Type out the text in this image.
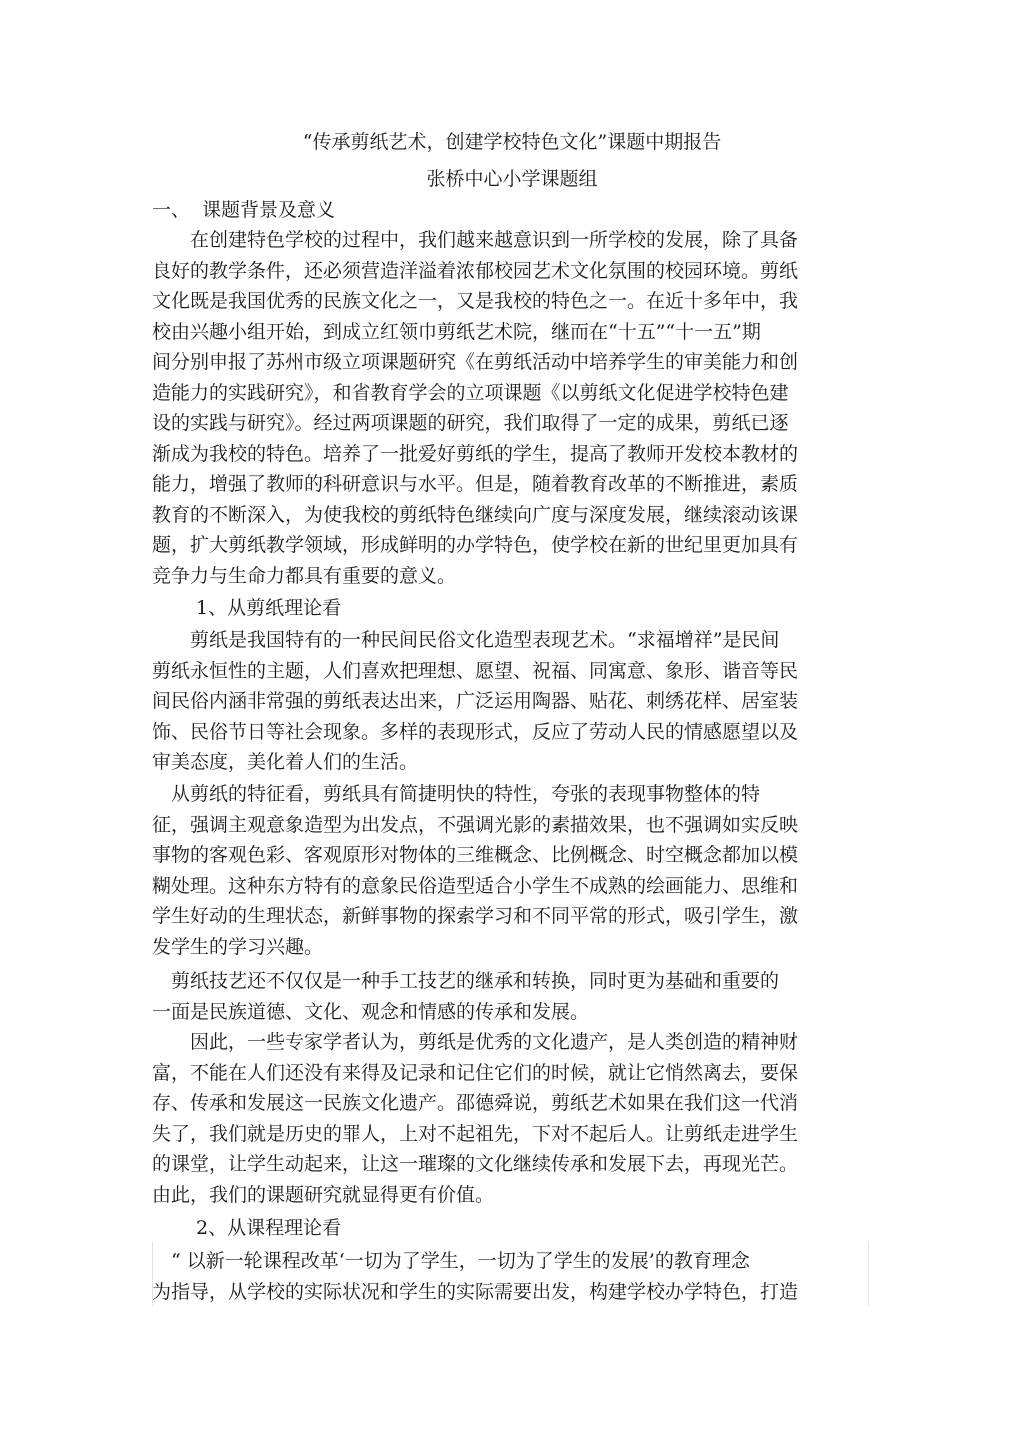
“传承剪纸艺术，创建学校特色文化”课题中期报告
张桥中心小学课题组
一、 课题背景及意义
　　在创建特色学校的过程中，我们越来越意识到一所学校的发展，除了具备
良好的教学条件，还必须营造洋溢着浓郁校园艺术文化氛围的校园环境。剪纸
文化既是我国优秀的民族文化之一，又是我校的特色之一。在近十多年中，我
校由兴趣小组开始，到成立红领巾剪纸艺术院，继而在“十五”“十一五”期
间分别申报了苏州市级立项课题研究《在剪纸活动中培养学生的审美能力和创
造能力的实践研究》，和省教育学会的立项课题《以剪纸文化促进学校特色建
设的实践与研究》。经过两项课题的研究，我们取得了一定的成果，剪纸已逐
渐成为我校的特色。培养了一批爱好剪纸的学生，提高了教师开发校本教材的
能力，增强了教师的科研意识与水平。但是，随着教育改革的不断推进，素质
教育的不断深入，为使我校的剪纸特色继续向广度与深度发展，继续滚动该课
题，扩大剪纸教学领域，形成鲜明的办学特色，使学校在新的世纪里更加具有
竞争力与生命力都具有重要的意义。
1、从剪纸理论看
　　剪纸是我国特有的一种民间民俗文化造型表现艺术。“求福增祥”是民间
剪纸永恒性的主题，人们喜欢把理想、愿望、祝福、同寓意、象形、谐音等民
间民俗内涵非常强的剪纸表达出来，广泛运用陶器、贴花、刺绣花样、居室装
饰、民俗节日等社会现象。多样的表现形式，反应了劳动人民的情感愿望以及
审美态度，美化着人们的生活。
　从剪纸的特征看，剪纸具有简捷明快的特性，夸张的表现事物整体的特
征，强调主观意象造型为出发点，不强调光影的素描效果，也不强调如实反映
事物的客观色彩、客观原形对物体的三维概念、比例概念、时空概念都加以模
糊处理。这种东方特有的意象民俗造型适合小学生不成熟的绘画能力、思维和
学生好动的生理状态，新鲜事物的探索学习和不同平常的形式，吸引学生，激
发学生的学习兴趣。
　剪纸技艺还不仅仅是一种手工技艺的继承和转换，同时更为基础和重要的
一面是民族道德、文化、观念和情感的传承和发展。
　　因此，一些专家学者认为，剪纸是优秀的文化遗产，是人类创造的精神财
富，不能在人们还没有来得及记录和记住它们的时候，就让它悄然离去，要保
存、传承和发展这一民族文化遗产。邵德舜说，剪纸艺术如果在我们这一代消
失了，我们就是历史的罪人，上对不起祖先，下对不起后人。让剪纸走进学生
的课堂，让学生动起来，让这一璀璨的文化继续传承和发展下去，再现光芒。
由此，我们的课题研究就显得更有价值。
2、从课程理论看
　“ 以新一轮课程改革‘一切为了学生，一切为了学生的发展’的教育理念
为指导，从学校的实际状况和学生的实际需要出发，构建学校办学特色，打造
